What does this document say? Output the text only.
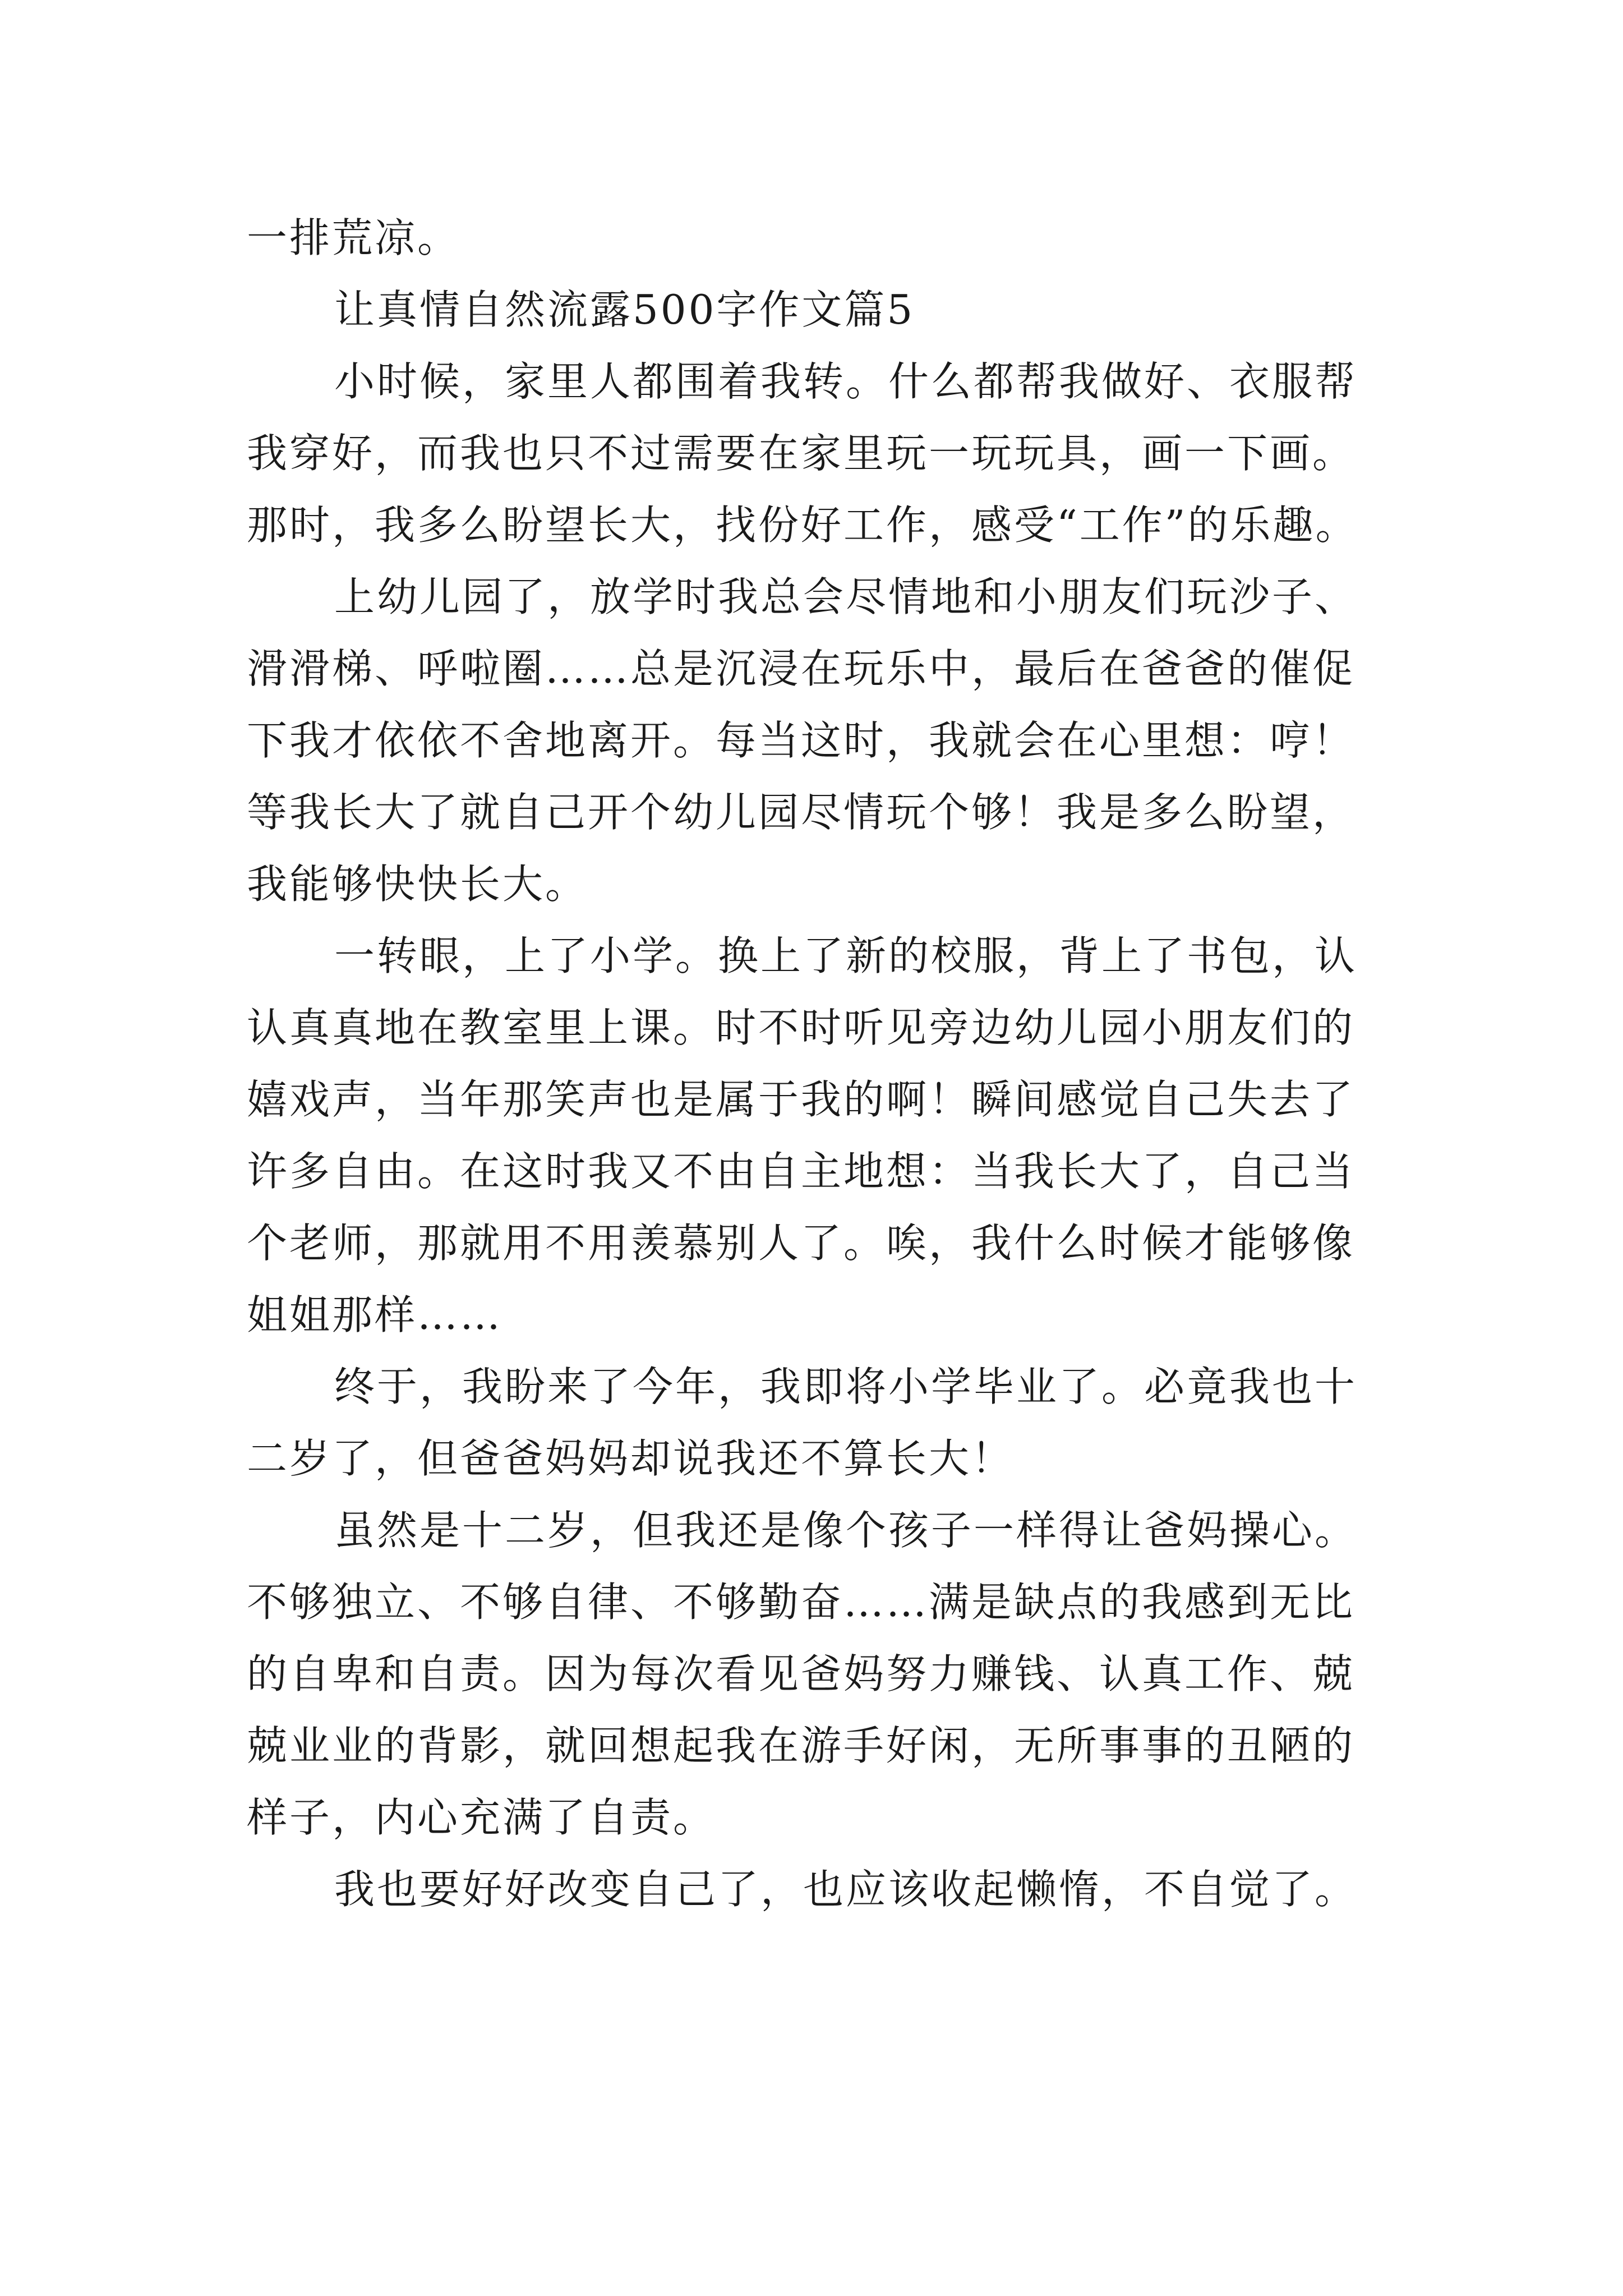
一排荒凉。

让真情自然流露500字作文篇5

小时候，家里人都围着我转。什么都帮我做好、衣服帮

我穿好，而我也只不过需要在家里玩一玩玩具，画一下画。

那时，我多么盼望长大，找份好工作，感受“工作”的乐趣。

上幼儿园了，放学时我总会尽情地和小朋友们玩沙子、

滑滑梯、呼啦圈……总是沉浸在玩乐中，最后在爸爸的催促

下我才依依不舍地离开。每当这时，我就会在心里想：哼！

等我长大了就自己开个幼儿园尽情玩个够！我是多么盼望，

我能够快快长大。

一转眼，上了小学。换上了新的校服，背上了书包，认

认真真地在教室里上课。时不时听见旁边幼儿园小朋友们的

嬉戏声，当年那笑声也是属于我的啊！瞬间感觉自己失去了

许多自由。在这时我又不由自主地想：当我长大了，自己当

个老师，那就用不用羡慕别人了。唉，我什么时候才能够像

姐姐那样……

终于，我盼来了今年，我即将小学毕业了。必竟我也十

二岁了，但爸爸妈妈却说我还不算长大！

虽然是十二岁，但我还是像个孩子一样得让爸妈操心。

不够独立、不够自律、不够勤奋……满是缺点的我感到无比

的自卑和自责。因为每次看见爸妈努力赚钱、认真工作、兢

兢业业的背影，就回想起我在游手好闲，无所事事的丑陋的

样子，内心充满了自责。

我也要好好改变自己了，也应该收起懒惰，不自觉了。
